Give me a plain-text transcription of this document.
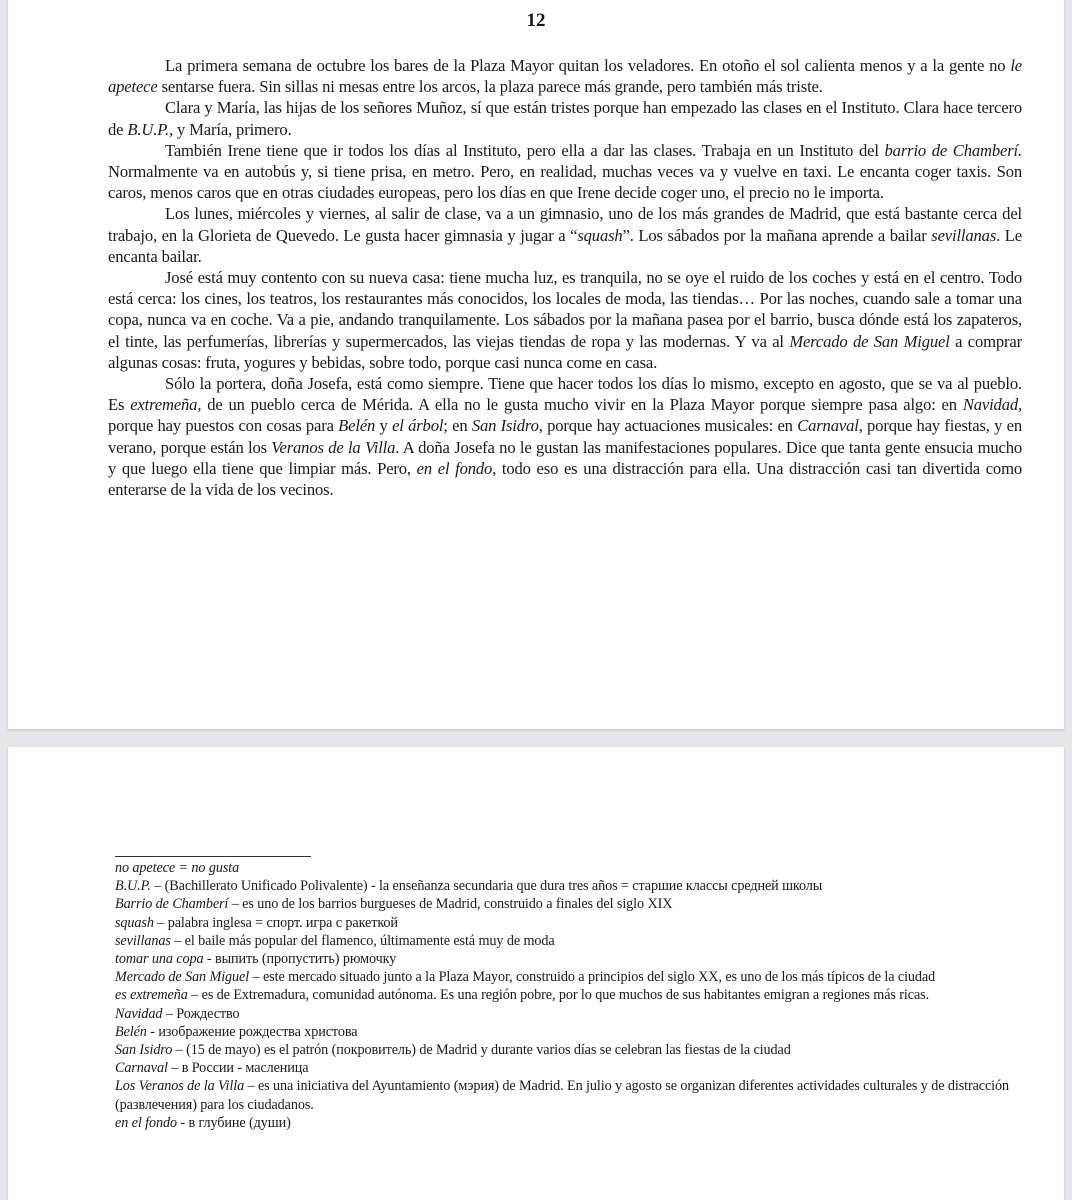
12

La primera semana de octubre los bares de la Plaza Mayor quitan los veladores. En otoño el sol calienta menos y a la gente no le apetece sentarse fuera. Sin sillas ni mesas entre los arcos, la plaza parece más grande, pero también más triste.

Clara y María, las hijas de los señores Muñoz, sí que están tristes porque han empezado las clases en el Instituto. Clara hace tercero de B.U.P., y María, primero.

También Irene tiene que ir todos los días al Instituto, pero ella a dar las clases. Trabaja en un Instituto del barrio de Chamberí. Normalmente va en autobús y, si tiene prisa, en metro. Pero, en realidad, muchas veces va y vuelve en taxi. Le encanta coger taxis. Son caros, menos caros que en otras ciudades europeas, pero los días en que Irene decide coger uno, el precio no le importa.

Los lunes, miércoles y viernes, al salir de clase, va a un gimnasio, uno de los más grandes de Madrid, que está bastante cerca del trabajo, en la Glorieta de Quevedo. Le gusta hacer gimnasia y jugar a “squash”. Los sábados por la mañana aprende a bailar sevillanas. Le encanta bailar.

José está muy contento con su nueva casa: tiene mucha luz, es tranquila, no se oye el ruido de los coches y está en el centro. Todo está cerca: los cines, los teatros, los restaurantes más conocidos, los locales de moda, las tiendas… Por las noches, cuando sale a tomar una copa, nunca va en coche. Va a pie, andando tranquilamente. Los sábados por la mañana pasea por el barrio, busca dónde está los zapateros, el tinte, las perfumerías, librerías y supermercados, las viejas tiendas de ropa y las modernas. Y va al Mercado de San Miguel a comprar algunas cosas: fruta, yogures y bebidas, sobre todo, porque casi nunca come en casa.

Sólo la portera, doña Josefa, está como siempre. Tiene que hacer todos los días lo mismo, excepto en agosto, que se va al pueblo. Es extremeña, de un pueblo cerca de Mérida. A ella no le gusta mucho vivir en la Plaza Mayor porque siempre pasa algo: en Navidad, porque hay puestos con cosas para Belén y el árbol; en San Isidro, porque hay actuaciones musicales: en Carnaval, porque hay fiestas, y en verano, porque están los Veranos de la Villa. A doña Josefa no le gustan las manifestaciones populares. Dice que tanta gente ensucia mucho y que luego ella tiene que limpiar más. Pero, en el fondo, todo eso es una distracción para ella. Una distracción casi tan divertida como enterarse de la vida de los vecinos.

no apetece = no gusta
B.U.P. – (Bachillerato Unificado Polivalente) - la enseñanza secundaria que dura tres años = старшие классы средней школы
Barrio de Chamberí – es uno de los barrios burgueses de Madrid, construido a finales del siglo XIX
squash – palabra inglesa = спорт. игра с ракеткой
sevillanas – el baile más popular del flamenco, últimamente está muy de moda
tomar una copa - выпить (пропустить) рюмочку
Mercado de San Miguel – este mercado situado junto a la Plaza Mayor, construido a principios del siglo XX, es uno de los más típicos de la ciudad
es extremeña – es de Extremadura, comunidad autónoma. Es una región pobre, por lo que muchos de sus habitantes emigran a regiones más ricas.
Navidad – Рождество
Belén - изображение рождества христова
San Isidro – (15 de mayo) es el patrón (покровитель) de Madrid y durante varios días se celebran las fiestas de la ciudad
Carnaval – в России - масленица
Los Veranos de la Villa – es una iniciativa del Ayuntamiento (мэрия) de Madrid. En julio y agosto se organizan diferentes actividades culturales y de distracción (развлечения) para los ciudadanos.
en el fondo - в глубине (души)
